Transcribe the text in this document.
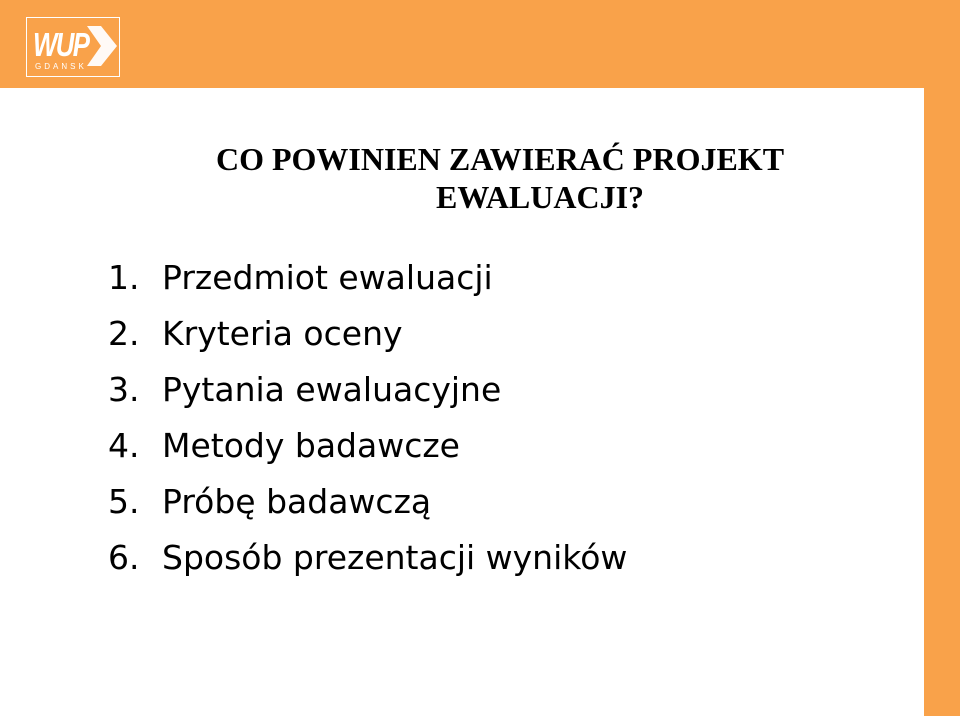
WUP
GDANSK
CO POWINIEN ZAWIERAĆ PROJEKT
EWALUACJI?
1. Przedmiot ewaluacji
2. Kryteria oceny
3. Pytania ewaluacyjne
4. Metody badawcze
5. Próbę badawczą
6. Sposób prezentacji wyników
